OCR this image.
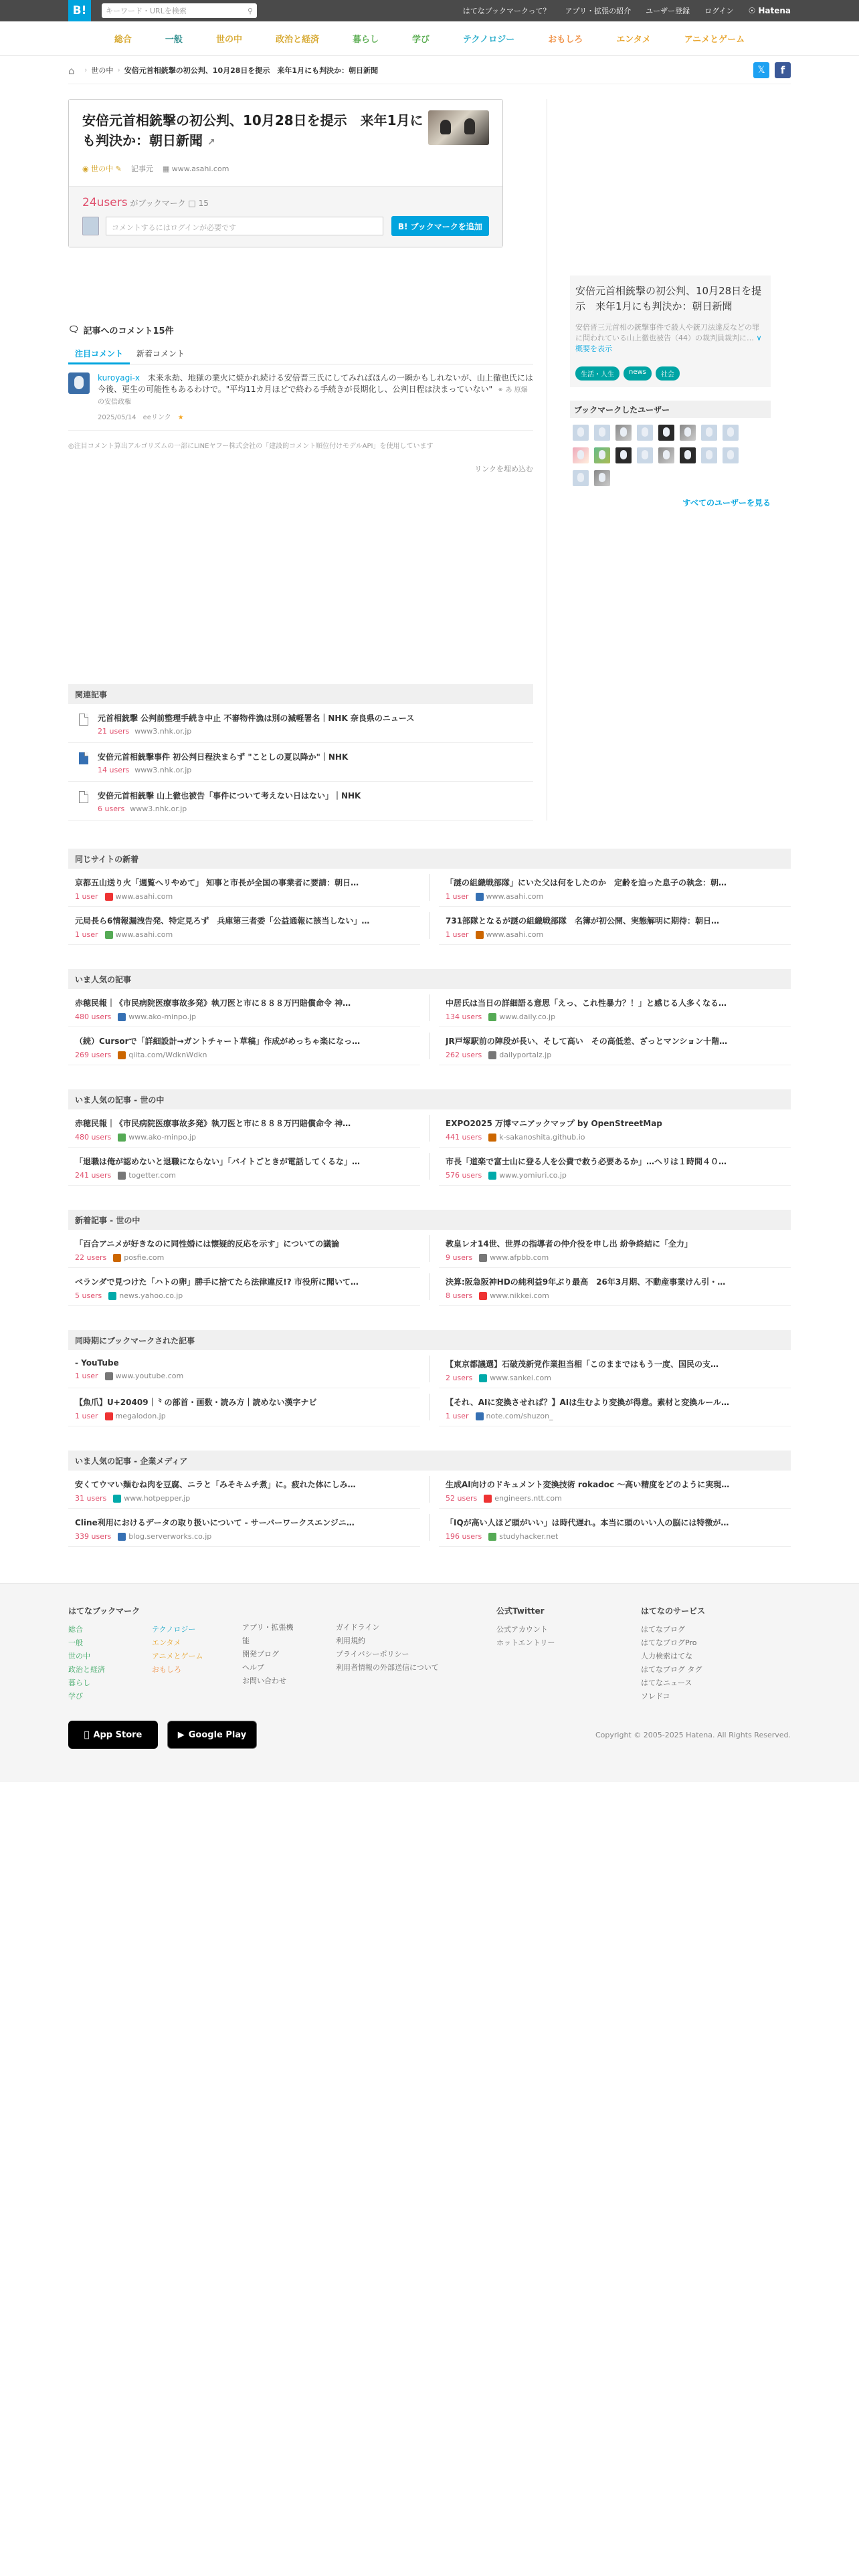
B!	キーワード・URLを検索	⚲	はてなブックマークって？ アプリ・拡張の紹介 ユーザー登録 ログイン ☉ Hatena
総合	一般	世の中	政治と経済	暮らし	学び	テクノロジー	おもしろ	エンタメ	アニメとゲーム
⌂	› 世の中 › 安倍元首相銃撃の初公判、10月28日を提示　来年1月にも判決か：朝日新聞	𝕏	f
安倍元首相銃撃の初公判、10月28日を提示　来年1月にも判決か：朝日新聞 ↗
◉ 世の中 ✎ 記事元 ▦ www.asahi.com
24users がブックマーク □ 15
コメントするにはログインが必要です	B! ブックマークを追加
🗨 記事へのコメント15件
注目コメント	新着コメント
kuroyagi-x 未来永劫、地獄の業火に焼かれ続ける安倍晋三氏にしてみればほんの一瞬かもしれないが、山上徹也氏には今後、更生の可能性もあるわけで。"平均11カ月ほどで終わる手続きが長期化し、公判日程は決まっていない" ⚭ あ 原爆の安倍政権
2025/05/14 eeリンク ★
◎注目コメント算出アルゴリズムの一部にLINEヤフー株式会社の「建設的コメント順位付けモデルAPI」を使用しています
リンクを埋め込む
関連記事
元首相銃撃 公判前整理手続き中止 不審物件漁は別の減軽署名｜NHK 奈良県のニュース
21 users www3.nhk.or.jp
安倍元首相銃撃事件 初公判日程決まらず "ことしの夏以降か"｜NHK
14 users www3.nhk.or.jp
安倍元首相銃撃 山上徹也被告「事件について考えない日はない」｜NHK
6 users www3.nhk.or.jp
安倍元首相銃撃の初公判、10月28日を提示　来年1月にも判決か：朝日新聞
安倍晋三元首相の銃撃事件で殺人や銃刀法違反などの罪に問われている山上徹也被告（44）の裁判員裁判に… ∨ 概要を表示
生活・人生	news	社会
ブックマークしたユーザー
すべてのユーザーを見る
同じサイトの新着
京都五山送り火「週覧へリやめて」 知事と市長が全国の事業者に要請：朝日…
1 user www.asahi.com
「謎の組織戦部隊」にいた父は何をしたのか　定齢を迫った息子の執念：朝…
1 user www.asahi.com
元局長ら6情報漏洩告発、特定見ろず　兵庫第三者委「公益通報に該当しない」…
1 user www.asahi.com
731部隊となるが謎の組織戦部隊　名簿が初公開、実態解明に期待：朝日…
1 user www.asahi.com
いま人気の記事
赤穂民報｜《市民病院医療事故多発》執刀医と市に８８８万円賠償命令 神…
480 users www.ako-minpo.jp
中居氏は当日の詳細語る意思「えっ、これ性暴力？！」と感じる人多くなる…
134 users www.daily.co.jp
（続）Cursorで「詳細設計→ガントチャート草稿」作成がめっちゃ楽になっ…
269 users qiita.com/WdknWdkn
JR戸塚駅前の陣段が長い、そして高い　その高低差、ざっとマンション十階…
262 users dailyportalz.jp
いま人気の記事 - 世の中
赤穂民報｜《市民病院医療事故多発》執刀医と市に８８８万円賠償命令 神…
480 users www.ako-minpo.jp
EXPO2025 万博マニアックマップ by OpenStreetMap
441 users k-sakanoshita.github.io
「退職は俺が認めないと退職にならない」「バイトごときが電話してくるな」…
241 users togetter.com
市長「道楽で富士山に登る人を公費で救う必要あるか」…ヘリは１時間４０…
576 users www.yomiuri.co.jp
新着記事 - 世の中
「百合アニメが好きなのに同性婚には懐疑的反応を示す」についての議論
22 users posfie.com
教皇レオ14世、世界の指導者の仲介役を申し出 紛争終結に「全力」
9 users www.afpbb.com
ベランダで見つけた「ハトの卵」勝手に捨てたら法律違反!? 市役所に聞いて…
5 users news.yahoo.co.jp
決算:阪急阪神HDの純利益9年ぶり最高　26年3月期、不動産事業けん引・…
8 users www.nikkei.com
同時期にブックマークされた記事
- YouTube
1 user www.youtube.com
【東京都議選】石破茂新党作業担当相「このままではもう一度、国民の支…
2 users www.sankei.com
【魚爪】U+20409｜⺀の部首・画数・読み方｜読めない漢字ナビ
1 user megalodon.jp
【それ、AIに変換させれば？】AIは生むより変換が得意。素材と変換ルール…
1 user note.com/shuzon_
いま人気の記事 - 企業メディア
安くてウマい麺むね肉を豆腐、ニラと「みそキムチ煮」に。疲れた体にしみ…
31 users www.hotpepper.jp
生成AI向けのドキュメント変換技術 rokadoc 〜高い精度をどのように実現…
52 users engineers.ntt.com
Cline利用におけるデータの取り扱いについて - サーバーワークスエンジニ…
339 users blog.serverworks.co.jp
「IQが高い人ほど頭がいい」は時代遅れ。本当に頭のいい人の脳には特徴が…
196 users studyhacker.net
はてなブックマーク
総合
一般
世の中
政治と経済
暮らし
学び
テクノロジー
エンタメ
アニメとゲーム
おもしろ
アプリ・拡張機能
開発ブログ
ヘルプ
お問い合わせ
ガイドライン
利用規約
プライバシーポリシー
利用者情報の外部送信について
公式Twitter
公式アカウント
ホットエントリー
はてなのサービス
はてなブログ
はてなブログPro
人力検索はてな
はてなブログ タグ
はてなニュース
ソレドコ
App Store	▶ Google Play	Copyright © 2005-2025 Hatena. All Rights Reserved.
